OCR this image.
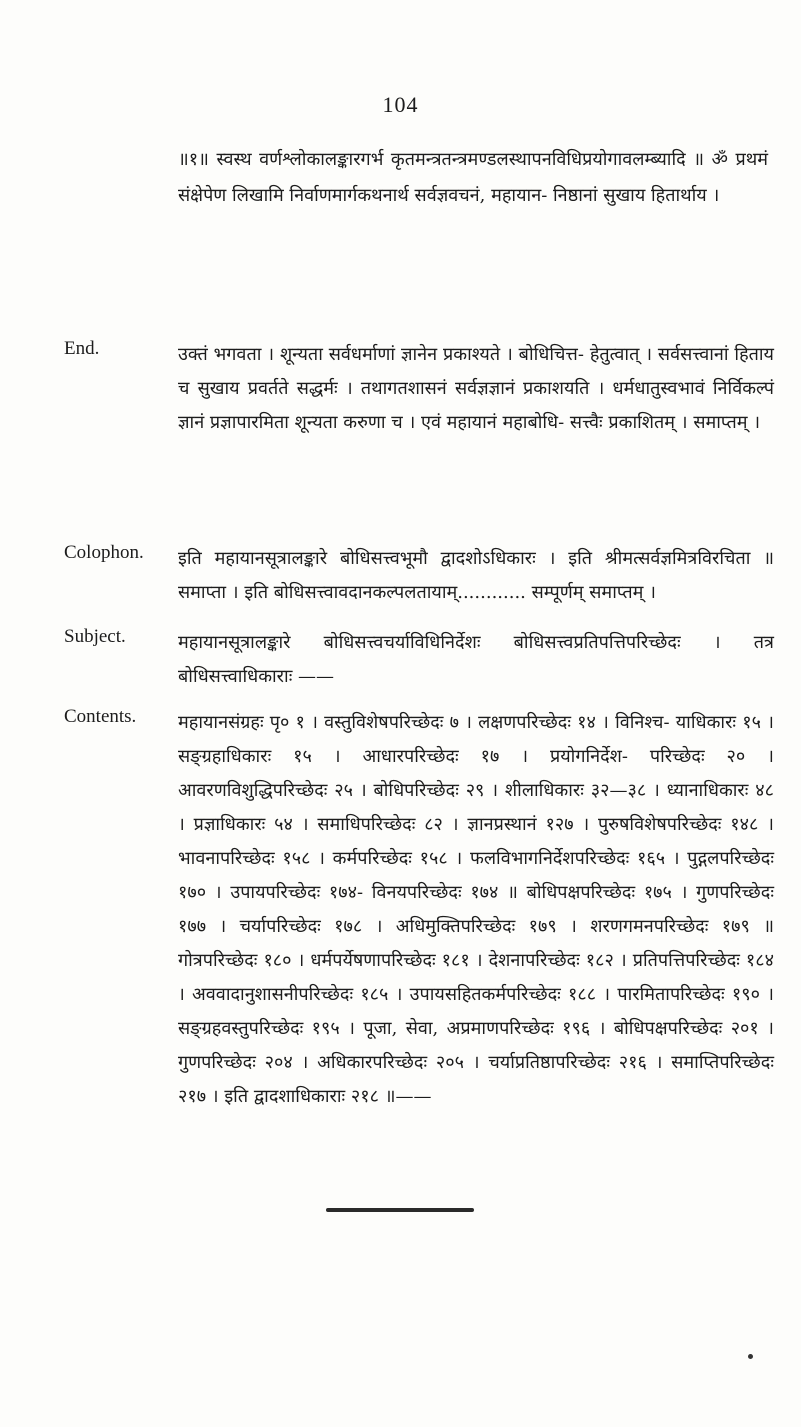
104

॥१॥ स्वस्थ वर्णश्लोकालङ्कारगर्भ कृतमन्त्रतन्त्रमण्डलस्थापनविधिप्रयोगावलम्ब्यादि ॥ ॐ प्रथमं संक्षेपेण लिखामि निर्वाणमार्गकथनार्थ सर्वज्ञवचनं, महायान- निष्ठानां सुखाय हितार्थाय ।

End.	उक्तं भगवता । शून्यता सर्वधर्माणां ज्ञानेन प्रकाश्यते । बोधिचित्त- हेतुत्वात् । सर्वसत्त्वानां हिताय च सुखाय प्रवर्तते सद्धर्मः । तथागतशासनं सर्वज्ञज्ञानं प्रकाशयति । धर्मधातुस्वभावं निर्विकल्पं ज्ञानं प्रज्ञापारमिता शून्यता करुणा च । एवं महायानं महाबोधि- सत्त्वैः प्रकाशितम् । समाप्तम् ।

Colophon.	इति महायानसूत्रालङ्कारे बोधिसत्त्वभूमौ द्वादशोऽधिकारः । इति श्रीमत्सर्वज्ञमित्रविरचिता ॥ समाप्ता । इति बोधिसत्त्वावदानकल्पलतायाम्............ सम्पूर्णम् समाप्तम् ।

Subject.	महायानसूत्रालङ्कारे बोधिसत्त्वचर्याविधिनिर्देशः बोधिसत्त्वप्रतिपत्तिपरिच्छेदः । तत्र बोधिसत्त्वाधिकाराः ——

Contents.	महायानसंग्रहः पृ० १ । वस्तुविशेषपरिच्छेदः ७ । लक्षणपरिच्छेदः १४ । विनिश्च- याधिकारः १५ । सङ्ग्रहाधिकारः १५ । आधारपरिच्छेदः १७ । प्रयोगनिर्देश- परिच्छेदः २० । आवरणविशुद्धिपरिच्छेदः २५ । बोधिपरिच्छेदः २९ । शीलाधिकारः ३२—३८ । ध्यानाधिकारः ४८ । प्रज्ञाधिकारः ५४ । समाधिपरिच्छेदः ८२ । ज्ञानप्रस्थानं १२७ । पुरुषविशेषपरिच्छेदः १४८ । भावनापरिच्छेदः १५८ । कर्मपरिच्छेदः १५८ । फलविभागनिर्देशपरिच्छेदः १६५ । पुद्गलपरिच्छेदः १७० । उपायपरिच्छेदः १७४- विनयपरिच्छेदः १७४ ॥ बोधिपक्षपरिच्छेदः १७५ । गुणपरिच्छेदः १७७ । चर्यापरिच्छेदः १७८ । अधिमुक्तिपरिच्छेदः १७९ । शरणगमनपरिच्छेदः १७९ ॥ गोत्रपरिच्छेदः १८० । धर्मपर्येषणापरिच्छेदः १८१ । देशनापरिच्छेदः १८२ । प्रतिपत्तिपरिच्छेदः १८४ । अववादानुशासनीपरिच्छेदः १८५ । उपायसहितकर्मपरिच्छेदः १८८ । पारमितापरिच्छेदः १९० । सङ्ग्रहवस्तुपरिच्छेदः १९५ । पूजा, सेवा, अप्रमाणपरिच्छेदः १९६ । बोधिपक्षपरिच्छेदः २०१ । गुणपरिच्छेदः २०४ । अधिकारपरिच्छेदः २०५ । चर्याप्रतिष्ठापरिच्छेदः २१६ । समाप्तिपरिच्छेदः २१७ । इति द्वादशाधिकाराः २१८ ॥——
